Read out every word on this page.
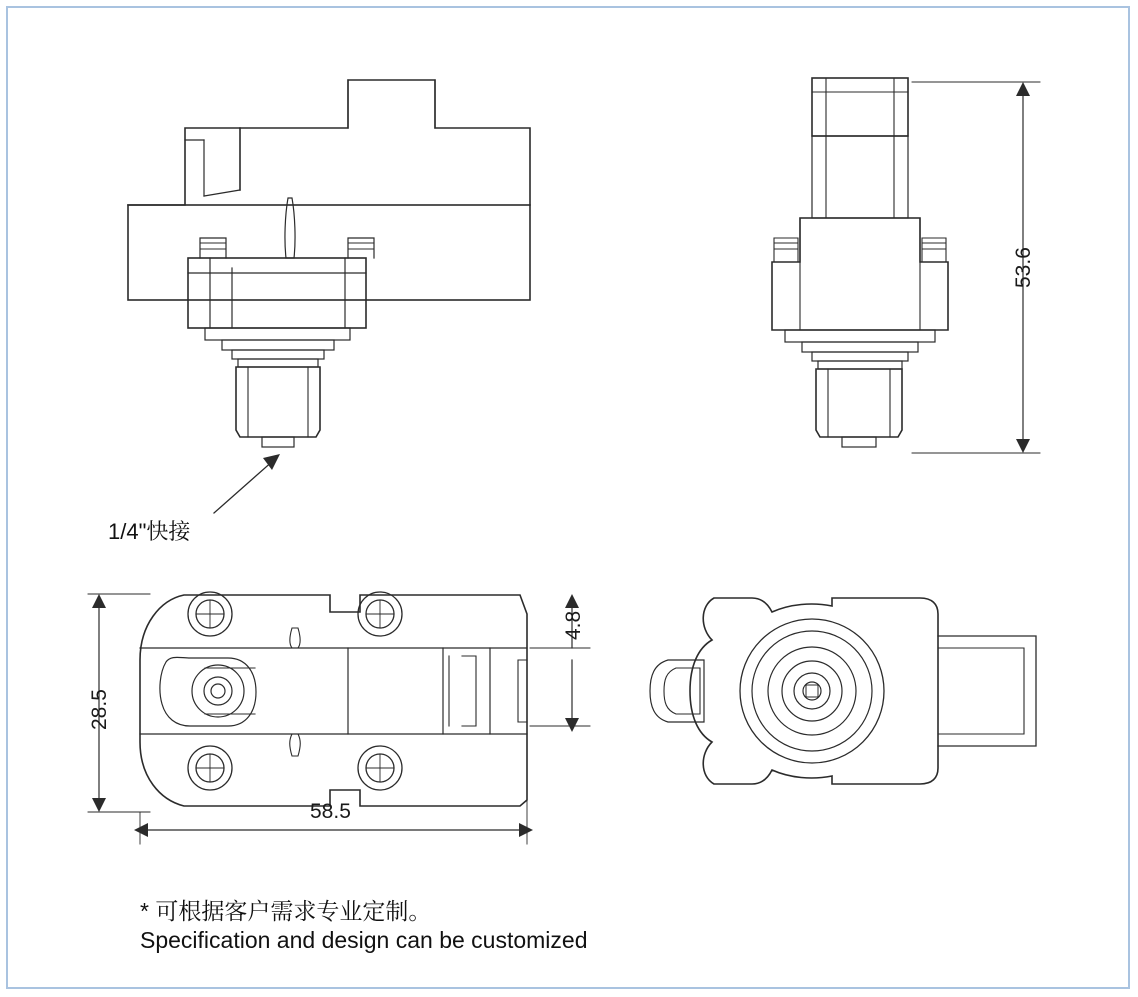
53.6
28.5
58.5
4.8
1/4"快接
* 可根据客户需求专业定制。
Specification and design can be customized
